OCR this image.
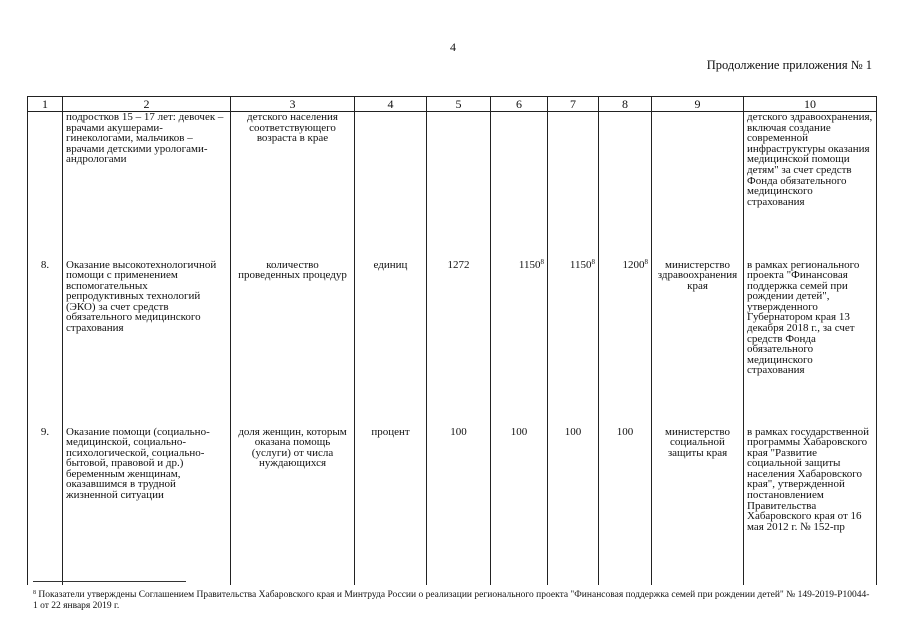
4
Продолжение приложения № 1
1	2	3	4	5	6	7	8	9	10
	подростков 15 – 17 лет: девочек – врачами акушерами-гинекологами, мальчиков – врачами детскими урологами-андрологами	детского населения соответствующего возраста в крае							детского здравоохранения, включая создание современной инфраструктуры оказания медицинской помощи детям" за счет средств Фонда обязательного медицинского страхования
8.	Оказание высокотехнологичной помощи с применением вспомогательных репродуктивных технологий (ЭКО) за счет средств обязательного медицинского страхования	количество проведенных процедур	единиц	1272	1150$^8$	1150$^8$	1200$^8$	министерство здравоохранения края	в рамках регионального проекта "Финансовая поддержка семей при рождении детей", утвержденного Губернатором края 13 декабря 2018 г., за счет средств Фонда обязательного медицинского страхования
9.	Оказание помощи (социально-медицинской, социально-психологической, социально-бытовой, правовой и др.) беременным женщинам, оказавшимся в трудной жизненной ситуации	доля женщин, которым оказана помощь (услуги) от числа нуждающихся	процент	100	100	100	100	министерство социальной защиты края	в рамках государственной программы Хабаровского края "Развитие социальной защиты населения Хабаровского края", утвержденной постановлением Правительства Хабаровского края от 16 мая 2012 г. № 152-пр
$^8$ Показатели утверждены Соглашением Правительства Хабаровского края и Минтруда России о реализации регионального проекта "Финансовая поддержка семей при рождении детей" № 149-2019-Р10044-1 от 22 января 2019 г.
